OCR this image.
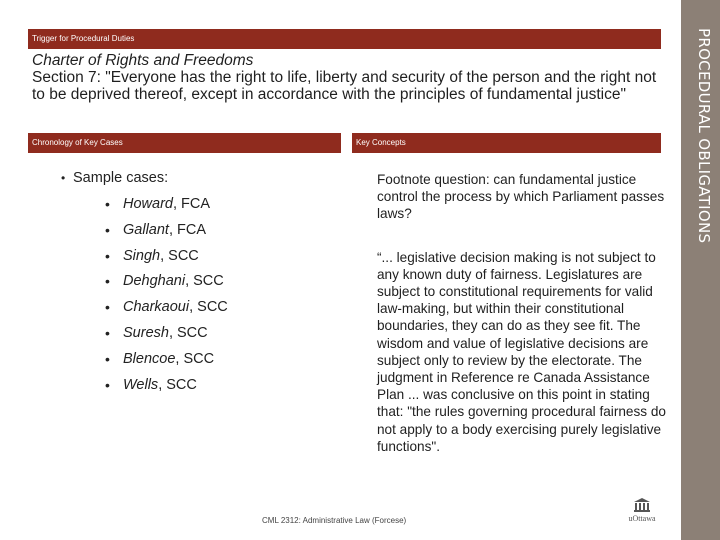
PROCEDURAL OBLIGATIONS
Trigger for Procedural Duties
Charter of Rights and Freedoms
Section 7: "Everyone has the right to life, liberty and security of the person and the right not to be deprived thereof, except in accordance with the principles of fundamental justice"
Chronology of Key Cases	Key Concepts
• Sample cases:
• Howard, FCA
• Gallant, FCA
• Singh, SCC
• Dehghani, SCC
• Charkaoui, SCC
• Suresh, SCC
• Blencoe, SCC
• Wells, SCC

Footnote question: can fundamental justice control the process by which Parliament passes laws?

“... legislative decision making is not subject to any known duty of fairness. Legislatures are subject to constitutional requirements for valid law-making, but within their constitutional boundaries, they can do as they see fit. The wisdom and value of legislative decisions are subject only to review by the electorate. The judgment in Reference re Canada Assistance Plan ... was conclusive on this point in stating that: "the rules governing procedural fairness do not apply to a body exercising purely legislative functions".

CML 2312: Administrative Law (Forcese)	uOttawa
